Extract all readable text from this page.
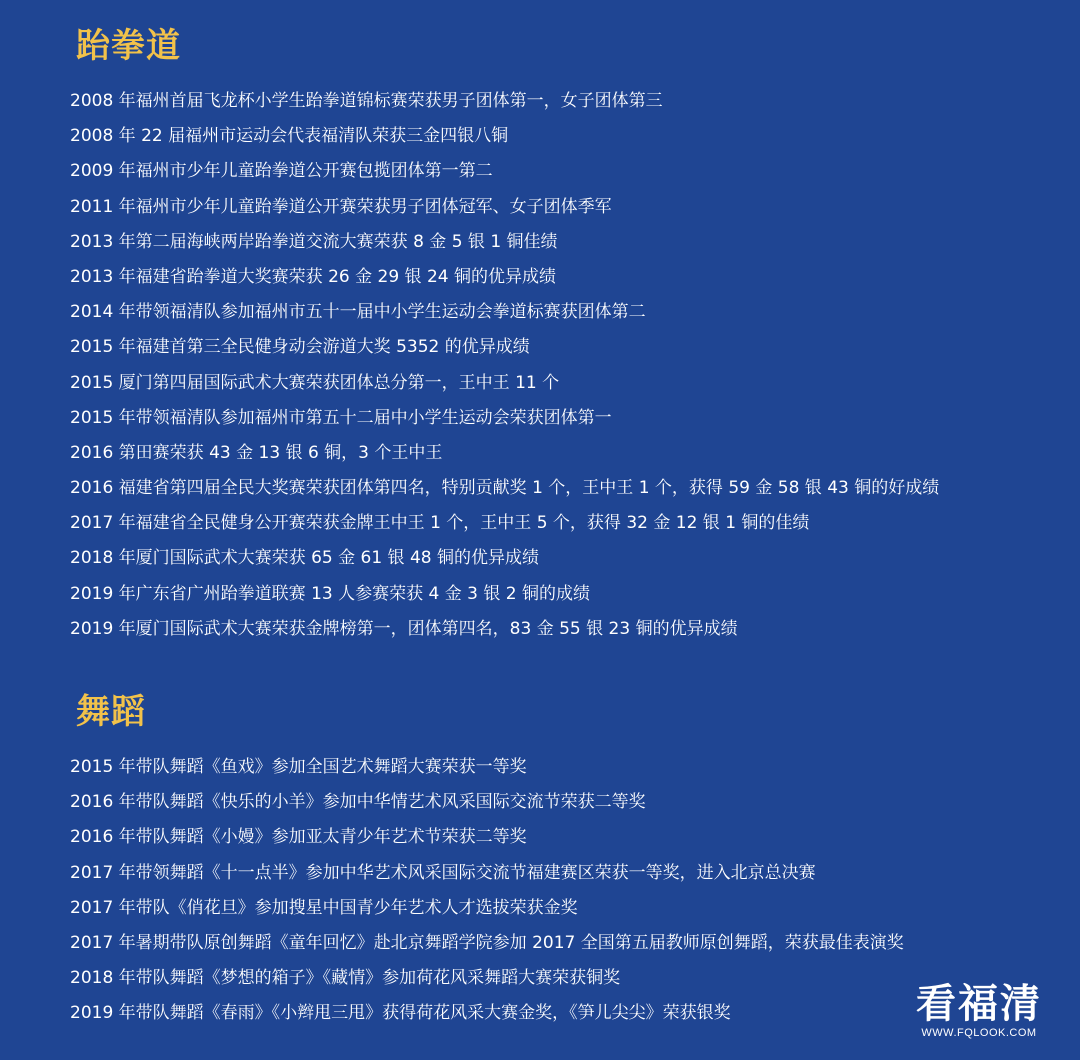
跆拳道
2008 年福州首届飞龙杯小学生跆拳道锦标赛荣获男子团体第一，女子团体第三
2008 年 22 届福州市运动会代表福清队荣获三金四银八铜
2009 年福州市少年儿童跆拳道公开赛包揽团体第一第二
2011 年福州市少年儿童跆拳道公开赛荣获男子团体冠军、女子团体季军
2013 年第二届海峡两岸跆拳道交流大赛荣获 8 金 5 银 1 铜佳绩
2013 年福建省跆拳道大奖赛荣获 26 金 29 银 24 铜的优异成绩
2014 年带领福清队参加福州市五十一届中小学生运动会拳道标赛获团体第二
2015 年福建首第三全民健身动会游道大奖 5352 的优异成绩
2015 厦门第四届国际武术大赛荣获团体总分第一，王中王 11 个
2015 年带领福清队参加福州市第五十二届中小学生运动会荣获团体第一
2016 第田赛荣获 43 金 13 银 6 铜，3 个王中王
2016 福建省第四届全民大奖赛荣获团体第四名，特别贡献奖 1 个，王中王 1 个，获得 59 金 58 银 43 铜的好成绩
2017 年福建省全民健身公开赛荣获金牌王中王 1 个，王中王 5 个，获得 32 金 12 银 1 铜的佳绩
2018 年厦门国际武术大赛荣获 65 金 61 银 48 铜的优异成绩
2019 年广东省广州跆拳道联赛 13 人参赛荣获 4 金 3 银 2 铜的成绩
2019 年厦门国际武术大赛荣获金牌榜第一，团体第四名，83 金 55 银 23 铜的优异成绩
舞蹈
2015 年带队舞蹈《鱼戏》参加全国艺术舞蹈大赛荣获一等奖
2016 年带队舞蹈《快乐的小羊》参加中华情艺术风采国际交流节荣获二等奖
2016 年带队舞蹈《小嫚》参加亚太青少年艺术节荣获二等奖
2017 年带领舞蹈《十一点半》参加中华艺术风采国际交流节福建赛区荣获一等奖，进入北京总决赛
2017 年带队《俏花旦》参加搜星中国青少年艺术人才选拔荣获金奖
2017 年暑期带队原创舞蹈《童年回忆》赴北京舞蹈学院参加 2017 全国第五届教师原创舞蹈，荣获最佳表演奖
2018 年带队舞蹈《梦想的箱子》《藏情》参加荷花风采舞蹈大赛荣获铜奖
2019 年带队舞蹈《春雨》《小辫甩三甩》获得荷花风采大赛金奖，《笋儿尖尖》荣获银奖	看福清
WWW.FQLOOK.COM
